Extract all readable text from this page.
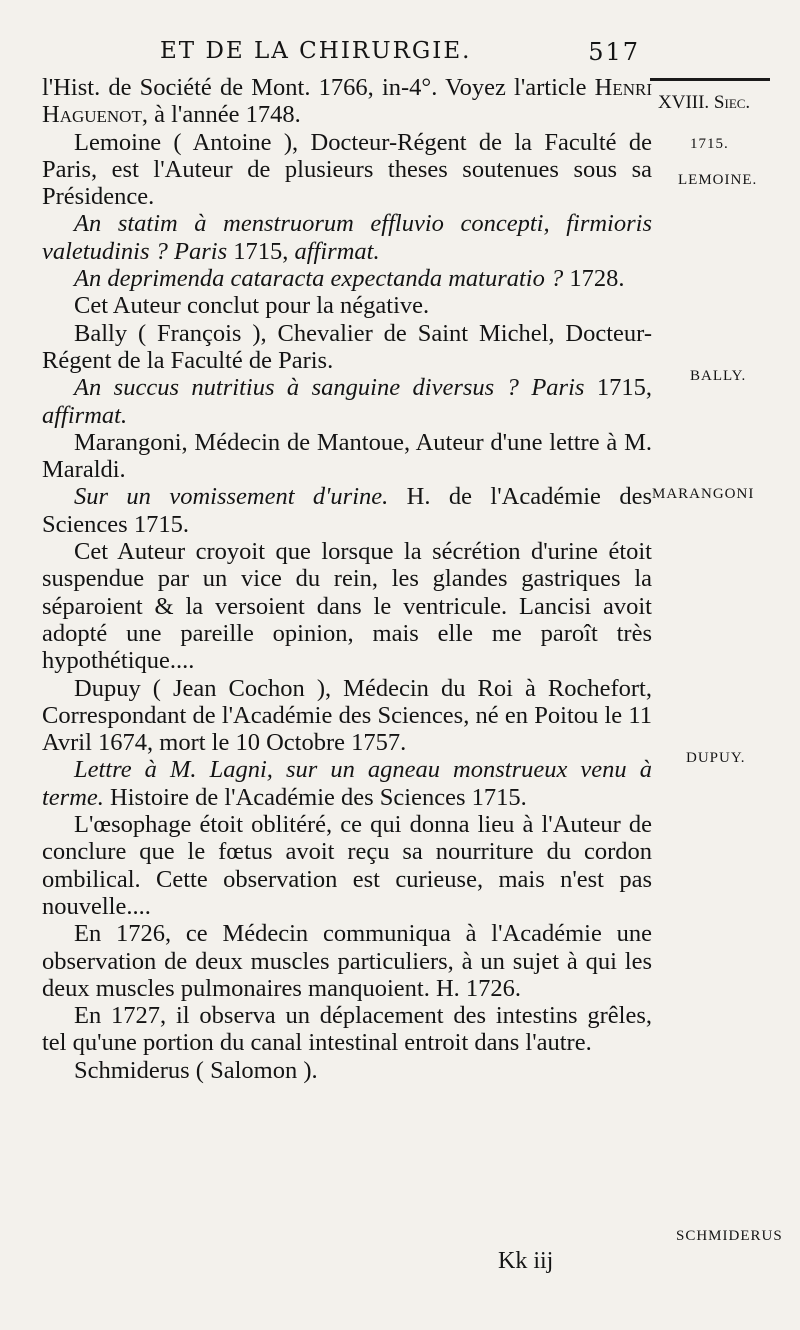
ET DE LA CHIRURGIE.	517
XVIII. Siec.
1715.
LEMOINE.
BALLY.
MARANGONI
DUPUY.
SCHMIDERUS

l'Hist. de Société de Mont. 1766, in-4°. Voyez l'article Henri Haguenot, à l'année 1748.

Lemoine ( Antoine ), Docteur-Régent de la Faculté de Paris, est l'Auteur de plusieurs theses soutenues sous sa Présidence.

An statim à menstruorum effluvio concepti, firmioris valetudinis ? Paris 1715, affirmat.

An deprimenda cataracta expectanda maturatio ? 1728.

Cet Auteur conclut pour la négative.

Bally ( François ), Chevalier de Saint Michel, Docteur-Régent de la Faculté de Paris.

An succus nutritius à sanguine diversus ? Paris 1715, affirmat.

Marangoni, Médecin de Mantoue, Auteur d'une lettre à M. Maraldi.

Sur un vomissement d'urine. H. de l'Académie des Sciences 1715.

Cet Auteur croyoit que lorsque la sécrétion d'urine étoit suspendue par un vice du rein, les glandes gastriques la séparoient & la versoient dans le ventricule. Lancisi avoit adopté une pareille opinion, mais elle me paroît très hypothétique....

Dupuy ( Jean Cochon ), Médecin du Roi à Rochefort, Correspondant de l'Académie des Sciences, né en Poitou le 11 Avril 1674, mort le 10 Octobre 1757.

Lettre à M. Lagni, sur un agneau monstrueux venu à terme. Histoire de l'Académie des Sciences 1715.

L'œsophage étoit oblitéré, ce qui donna lieu à l'Auteur de conclure que le fœtus avoit reçu sa nourriture du cordon ombilical. Cette observation est curieuse, mais n'est pas nouvelle....

En 1726, ce Médecin communiqua à l'Académie une observation de deux muscles particuliers, à un sujet à qui les deux muscles pulmonaires manquoient. H. 1726.

En 1727, il observa un déplacement des intestins grêles, tel qu'une portion du canal intestinal entroit dans l'autre.

Schmiderus ( Salomon ).

Kk iij
